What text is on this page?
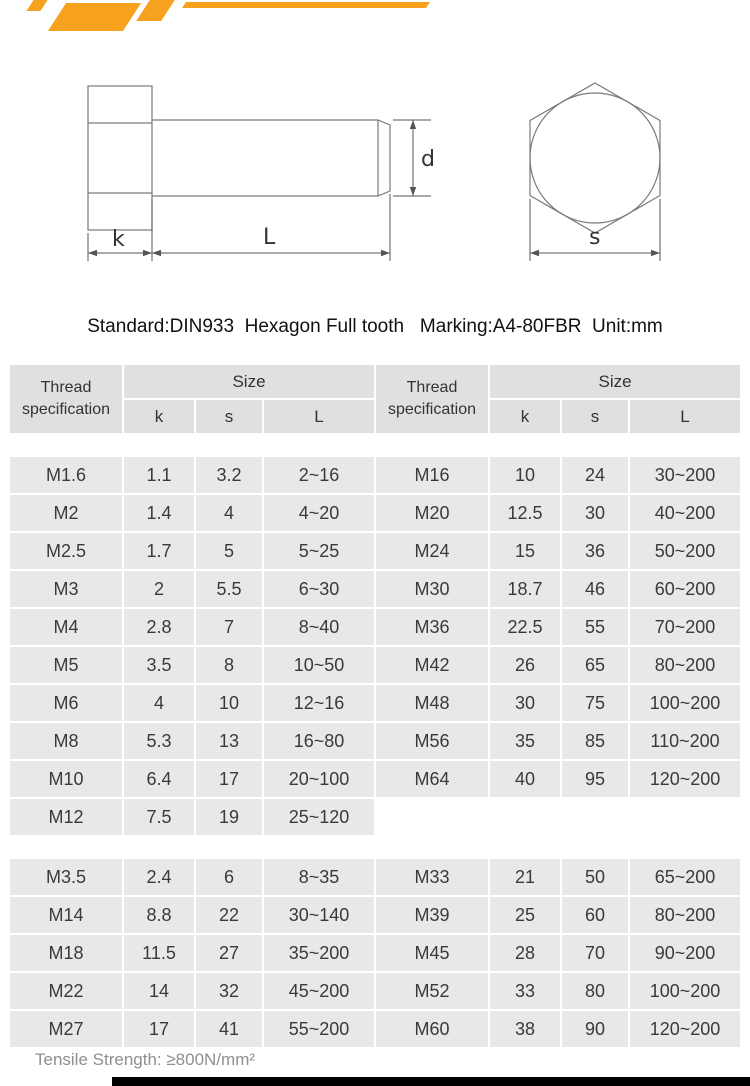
d
k	L	s
Standard:DIN933  Hexagon Full tooth   Marking:A4-80FBR  Unit:mm
Thread specification	Size			Thread specification	Size		
	k	s	L		k	s	L

M1.6	1.1	3.2	2~16	M16	10	24	30~200
M2	1.4	4	4~20	M20	12.5	30	40~200
M2.5	1.7	5	5~25	M24	15	36	50~200
M3	2	5.5	6~30	M30	18.7	46	60~200
M4	2.8	7	8~40	M36	22.5	55	70~200
M5	3.5	8	10~50	M42	26	65	80~200
M6	4	10	12~16	M48	30	75	100~200
M8	5.3	13	16~80	M56	35	85	110~200
M10	6.4	17	20~100	M64	40	95	120~200
M12	7.5	19	25~120				

M3.5	2.4	6	8~35	M33	21	50	65~200
M14	8.8	22	30~140	M39	25	60	80~200
M18	11.5	27	35~200	M45	28	70	90~200
M22	14	32	45~200	M52	33	80	100~200
M27	17	41	55~200	M60	38	90	120~200
Tensile Strength: ≥800N/mm²
